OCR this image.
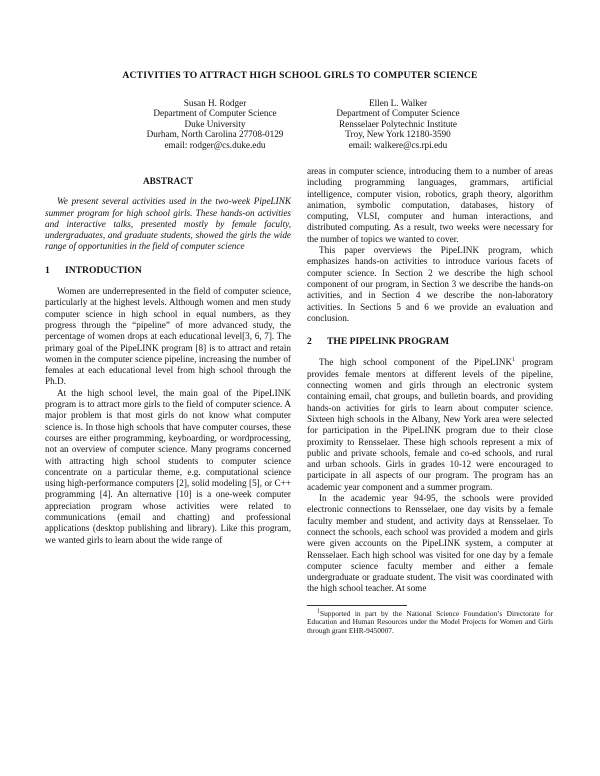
ACTIVITIES TO ATTRACT HIGH SCHOOL GIRLS TO COMPUTER SCIENCE
Susan H. Rodger
Department of Computer Science
Duke University
Durham, North Carolina 27708-0129
email: rodger@cs.duke.edu
Ellen L. Walker
Department of Computer Science
Rensselaer Polytechnic Institute
Troy, New York 12180-3590
email: walkere@cs.rpi.edu
ABSTRACT

We present several activities used in the two-week PipeLINK summer program for high school girls. These hands-on activities and interactive talks, presented mostly by female faculty, undergraduates, and graduate students, showed the girls the wide range of opportunities in the field of computer science

1 INTRODUCTION

Women are underrepresented in the field of computer science, particularly at the highest levels. Although women and men study computer science in high school in equal numbers, as they progress through the “pipeline” of more advanced study, the percentage of women drops at each educational level[3, 6, 7]. The primary goal of the PipeLINK program [8] is to attract and retain women in the computer science pipeline, increasing the number of females at each educational level from high school through the Ph.D.

At the high school level, the main goal of the PipeLINK program is to attract more girls to the field of computer science. A major problem is that most girls do not know what computer science is. In those high schools that have computer courses, these courses are either programming, keyboarding, or wordprocessing, not an overview of computer science. Many programs concerned with attracting high school students to computer science concentrate on a particular theme, e.g. computational science using high-performance computers [2], solid modeling [5], or C++ programming [4]. An alternative [10] is a one-week computer appreciation program whose activities were related to communications (email and chatting) and professional applications (desktop publishing and library). Like this program, we wanted girls to learn about the wide range of

areas in computer science, introducing them to a number of areas including programming languages, grammars, artificial intelligence, computer vision, robotics, graph theory, algorithm animation, symbolic computation, databases, history of computing, VLSI, computer and human interactions, and distributed computing. As a result, two weeks were necessary for the number of topics we wanted to cover.

This paper overviews the PipeLINK program, which emphasizes hands-on activities to introduce various facets of computer science. In Section 2 we describe the high school component of our program, in Section 3 we describe the hands-on activities, and in Section 4 we describe the non-laboratory activities. In Sections 5 and 6 we provide an evaluation and conclusion.

2 THE PIPELINK PROGRAM

The high school component of the PipeLINK$^1$ program provides female mentors at different levels of the pipeline, connecting women and girls through an electronic system containing email, chat groups, and bulletin boards, and providing hands-on activities for girls to learn about computer science. Sixteen high schools in the Albany, New York area were selected for participation in the PipeLINK program due to their close proximity to Rensselaer. These high schools represent a mix of public and private schools, female and co-ed schools, and rural and urban schools. Girls in grades 10-12 were encouraged to participate in all aspects of our program. The program has an academic year component and a summer program.

In the academic year 94-95, the schools were provided electronic connections to Rensselaer, one day visits by a female faculty member and student, and activity days at Rensselaer. To connect the schools, each school was provided a modem and girls were given accounts on the PipeLINK system, a computer at Rensselaer. Each high school was visited for one day by a female computer science faculty member and either a female undergraduate or graduate student. The visit was coordinated with the high school teacher. At some

$^1$Supported in part by the National Science Foundation’s Directorate for Education and Human Resources under the Model Projects for Women and Girls through grant EHR-9450007.
